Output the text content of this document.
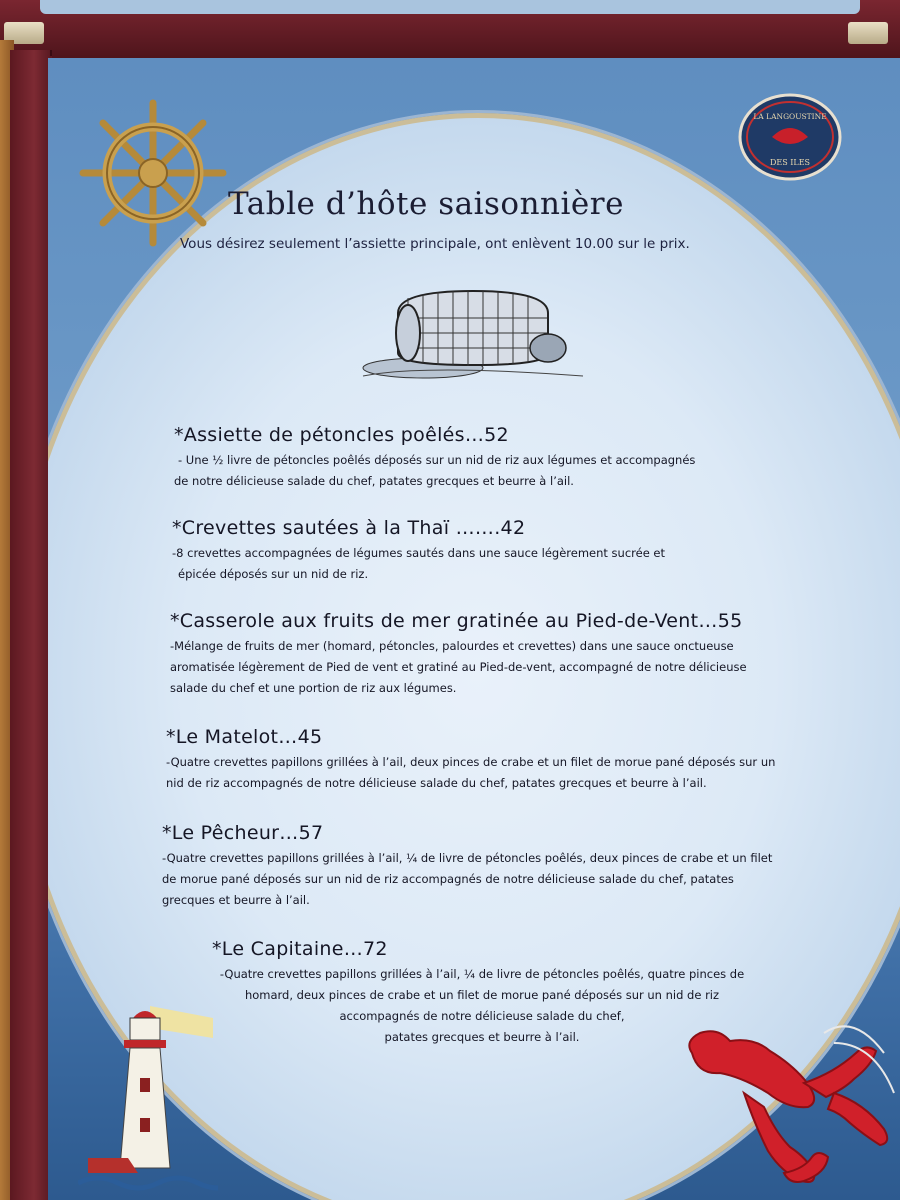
LA LANGOUSTINE
DES ILES
Table d’hôte saisonnière
Vous désirez seulement l’assiette principale, ont enlèvent 10.00 sur le prix.
*Assiette de pétoncles poêlés…52
- Une ½ livre de pétoncles poêlés déposés sur un nid de riz aux légumes et accompagnés
de notre délicieuse salade du chef, patates grecques et beurre à l’ail.
*Crevettes sautées à la Thaï …….42
-8 crevettes accompagnées de légumes sautés dans une sauce légèrement sucrée et
épicée déposés sur un nid de riz.
*Casserole aux fruits de mer gratinée au Pied-de-Vent…55
-Mélange de fruits de mer (homard, pétoncles, palourdes et crevettes) dans une sauce onctueuse
aromatisée légèrement de Pied de vent et gratiné au Pied-de-vent, accompagné de notre délicieuse
salade du chef et une portion de riz aux légumes.
*Le Matelot…45
-Quatre crevettes papillons grillées à l’ail, deux pinces de crabe et un filet de morue pané déposés sur un
nid de riz accompagnés de notre délicieuse salade du chef, patates grecques et beurre à l’ail.
*Le Pêcheur…57
-Quatre crevettes papillons grillées à l’ail, ¼ de livre de pétoncles poêlés, deux pinces de crabe et un filet
de morue pané déposés sur un nid de riz accompagnés de notre délicieuse salade du chef, patates
grecques et beurre à l’ail.
*Le Capitaine…72
-Quatre crevettes papillons grillées à l’ail, ¼ de livre de pétoncles poêlés, quatre pinces de
homard, deux pinces de crabe et un filet de morue pané déposés sur un nid de riz
accompagnés de notre délicieuse salade du chef,
patates grecques et beurre à l’ail.
